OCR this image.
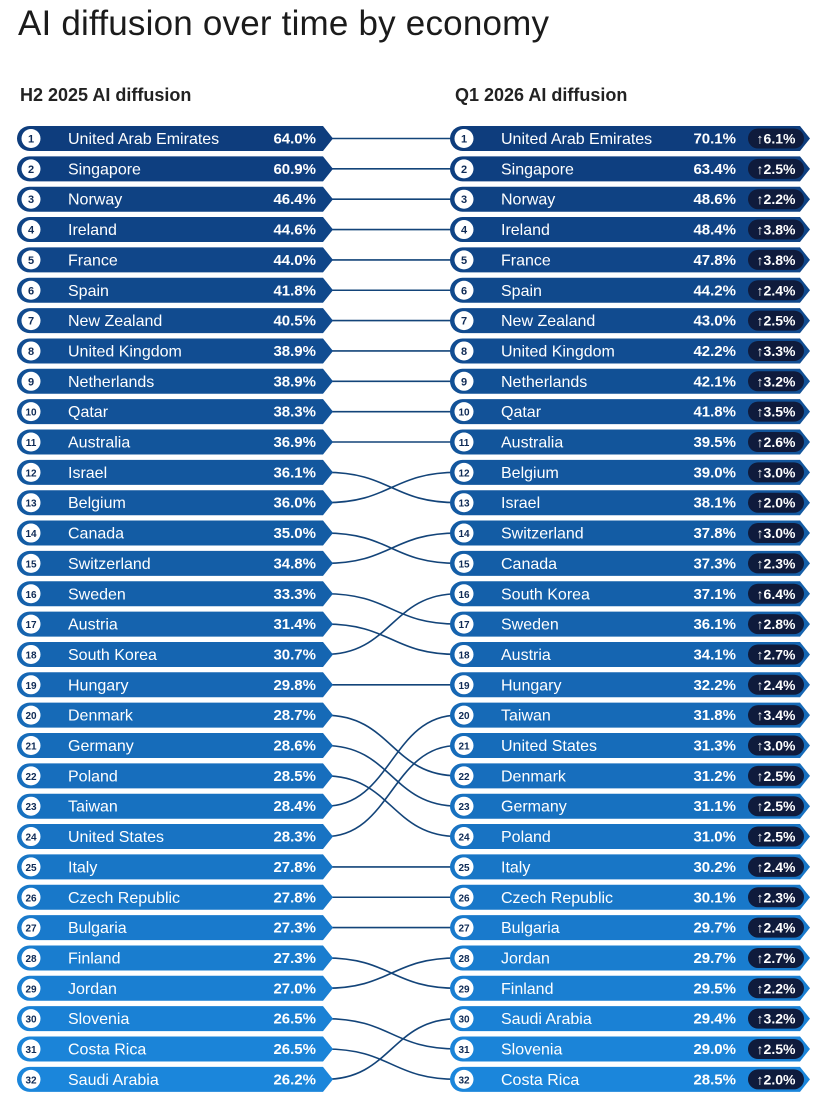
AI diffusion over time by economy
H2 2025 AI diffusion	Q1 2026 AI diffusion
1 United Arab Emirates	64.0%
2 Singapore	60.9%
3 Norway	46.4%
4 Ireland	44.6%
5 France	44.0%
6 Spain	41.8%
7 New Zealand	40.5%
8 United Kingdom	38.9%
9 Netherlands	38.9%
10 Qatar	38.3%
11 Australia	36.9%
12 Israel	36.1%
13 Belgium	36.0%
14 Canada	35.0%
15 Switzerland	34.8%
16 Sweden	33.3%
17 Austria	31.4%
18 South Korea	30.7%
19 Hungary	29.8%
20 Denmark	28.7%
21 Germany	28.6%
22 Poland	28.5%
23 Taiwan	28.4%
24 United States	28.3%
25 Italy	27.8%
26 Czech Republic	27.8%
27 Bulgaria	27.3%
28 Finland	27.3%
29 Jordan	27.0%
30 Slovenia	26.5%
31 Costa Rica	26.5%
32 Saudi Arabia	26.2%
1 United Arab Emirates	70.1% ↑6.1%
2 Singapore	63.4% ↑2.5%
3 Norway	48.6% ↑2.2%
4 Ireland	48.4% ↑3.8%
5 France	47.8% ↑3.8%
6 Spain	44.2% ↑2.4%
7 New Zealand	43.0% ↑2.5%
8 United Kingdom	42.2% ↑3.3%
9 Netherlands	42.1% ↑3.2%
10 Qatar	41.8% ↑3.5%
11 Australia	39.5% ↑2.6%
12 Belgium	39.0% ↑3.0%
13 Israel	38.1% ↑2.0%
14 Switzerland	37.8% ↑3.0%
15 Canada	37.3% ↑2.3%
16 South Korea	37.1% ↑6.4%
17 Sweden	36.1% ↑2.8%
18 Austria	34.1% ↑2.7%
19 Hungary	32.2% ↑2.4%
20 Taiwan	31.8% ↑3.4%
21 United States	31.3% ↑3.0%
22 Denmark	31.2% ↑2.5%
23 Germany	31.1% ↑2.5%
24 Poland	31.0% ↑2.5%
25 Italy	30.2% ↑2.4%
26 Czech Republic	30.1% ↑2.3%
27 Bulgaria	29.7% ↑2.4%
28 Jordan	29.7% ↑2.7%
29 Finland	29.5% ↑2.2%
30 Saudi Arabia	29.4% ↑3.2%
31 Slovenia	29.0% ↑2.5%
32 Costa Rica	28.5% ↑2.0%
